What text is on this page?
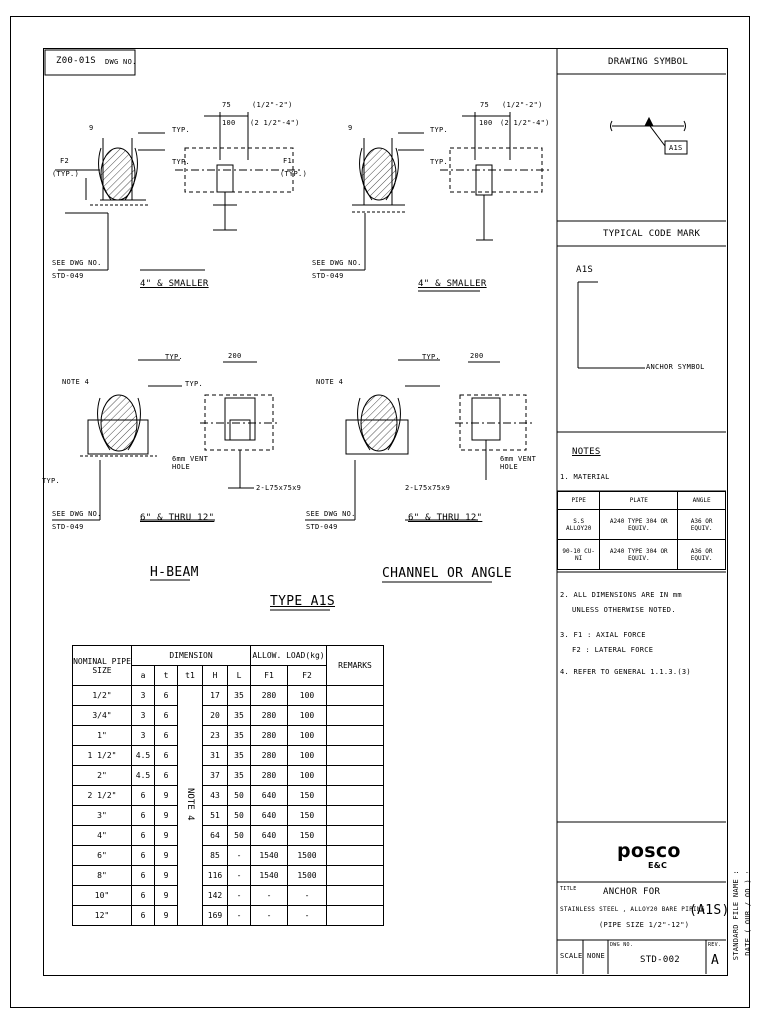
Z00-01S DWG NO.	DRAWING SYMBOL
A1S
TYPICAL CODE MARK
A1S
ANCHOR SYMBOL
9
F2
(TYP.)
TYP.
TYP.
75
100
(1/2"-2")
(2 1/2"-4")
F1
(TYP.)
SEE DWG NO.
STD-049
4" & SMALLER
9	TYP.
TYP.
75
100
(1/2"-2")
(2 1/2"-4")
SEE DWG NO.
STD-049
4" & SMALLER
NOTE 4
TYP.
TYP.
200
6mm VENT HOLE
2-L75x75x9
TYP.
SEE DWG NO.
STD-049
6" & THRU 12"
NOTE 4
TYP.	200
6mm VENT HOLE
2-L75x75x9
SEE DWG NO.
STD-049
6" & THRU 12"
H-BEAM	CHANNEL OR ANGLE
TYPE A1S
NOMINAL PIPE SIZE	DIMENSION					ALLOW. LOAD(kg)		REMARKS
	a	t	t1	H	L	F1	F2	
1/2"	3	6	NOTE 4	17	35	280	100	
3/4"	3	6		20	35	280	100	
1"	3	6		23	35	280	100	
1 1/2"	4.5	6		31	35	280	100	
2"	4.5	6		37	35	280	100	
2 1/2"	6	9		43	50	640	150	
3"	6	9		51	50	640	150	
4"	6	9		64	50	640	150	
6"	6	9		85	-	1540	1500	
8"	6	9		116	-	1540	1500	
10"	6	9		142	-	-	-	
12"	6	9		169	-	-	-	
NOTES
1. MATERIAL
PIPE	PLATE	ANGLE
S.S ALLOY20	A240 TYPE 304 OR EQUIV.	A36 OR EQUIV.
90-10 CU-NI	A240 TYPE 304 OR EQUIV.	A36 OR EQUIV.
2. ALL DIMENSIONS ARE IN mm
UNLESS OTHERWISE NOTED.
3. F1 : AXIAL FORCE
F2 : LATERAL FORCE
4. REFER TO GENERAL 1.1.3.(3)
posco
E&C
TITLE	ANCHOR FOR
STAINLESS STEEL , ALLOY20 BARE PIPING
(PIPE SIZE 1/2"-12")
(A1S)
SCALE NONE
DWG NO.
STD-002
REV.
A
STANDARD FILE NAME : DATE ( OUR / OD ) :
